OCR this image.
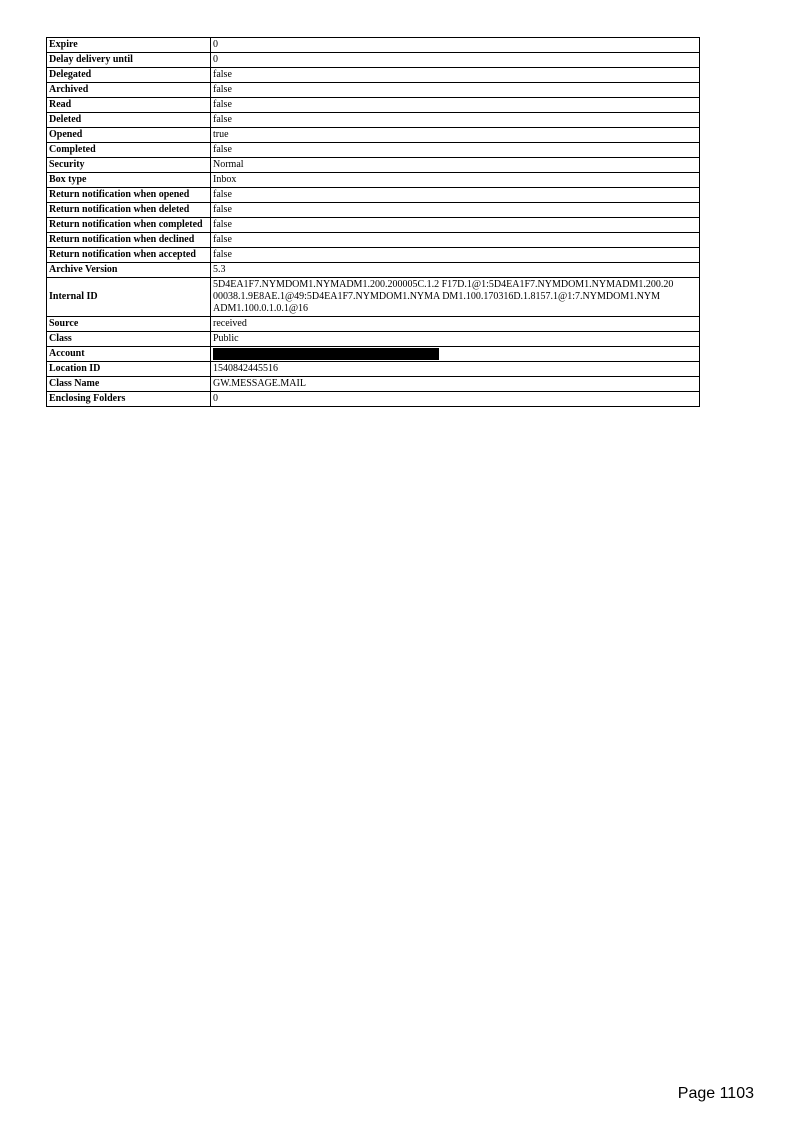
Expire	0
Delay delivery until	0
Delegated	false
Archived	false
Read	false
Deleted	false
Opened	true
Completed	false
Security	Normal
Box type	Inbox
Return notification when opened	false
Return notification when deleted	false
Return notification when completed	false
Return notification when declined	false
Return notification when accepted	false
Archive Version	5.3
Internal ID	5D4EA1F7.NYMDOM1.NYMADM1.200.200005C.1.2 F17D.1@1:5D4EA1F7.NYMDOM1.NYMADM1.200.20 00038.1.9E8AE.1@49:5D4EA1F7.NYMDOM1.NYMA DM1.100.170316D.1.8157.1@1:7.NYMDOM1.NYM ADM1.100.0.1.0.1@16
Source	received
Class	Public
Account	
Location ID	1540842445516
Class Name	GW.MESSAGE.MAIL
Enclosing Folders	0
Page 1103
